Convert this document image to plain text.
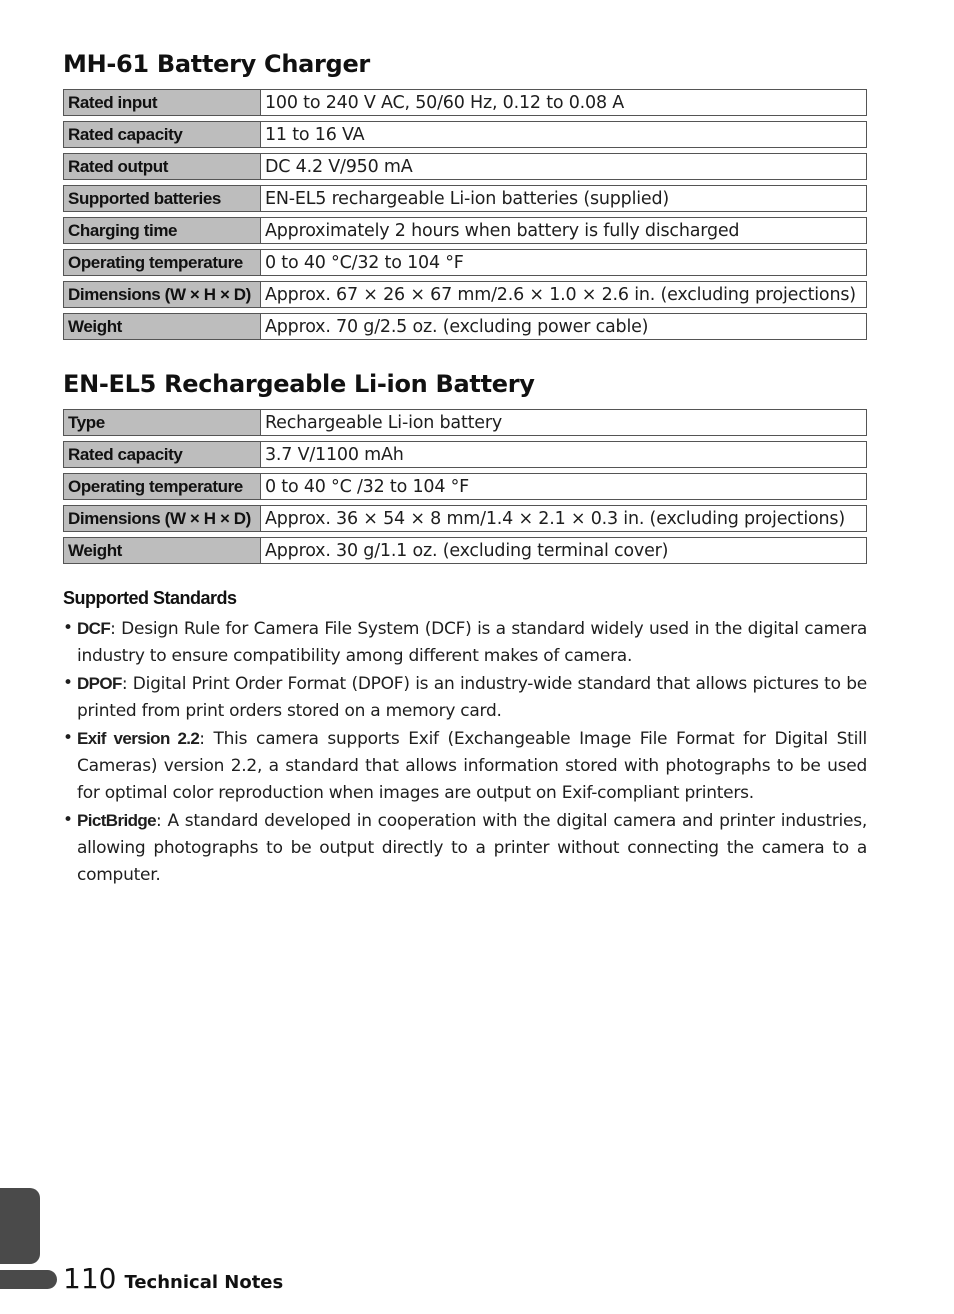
MH-61 Battery Charger
Rated input	100 to 240 V AC, 50/60 Hz, 0.12 to 0.08 A
Rated capacity	11 to 16 VA
Rated output	DC 4.2 V/950 mA
Supported batteries	EN-EL5 rechargeable Li-ion batteries (supplied)
Charging time	Approximately 2 hours when battery is fully discharged
Operating temperature	0 to 40 °C/32 to 104 °F
Dimensions (W × H × D)	Approx. 67 × 26 × 67 mm/2.6 × 1.0 × 2.6 in. (excluding projections)
Weight	Approx. 70 g/2.5 oz. (excluding power cable)
EN-EL5 Rechargeable Li-ion Battery
Type	Rechargeable Li-ion battery
Rated capacity	3.7 V/1100 mAh
Operating temperature	0 to 40 °C /32 to 104 °F
Dimensions (W × H × D)	Approx. 36 × 54 × 8 mm/1.4 × 2.1 × 0.3 in. (excluding projections)
Weight	Approx. 30 g/1.1 oz. (excluding terminal cover)
Supported Standards
• DCF: Design Rule for Camera File System (DCF) is a standard widely used in the digital camera industry to ensure compatibility among different makes of camera.
• DPOF: Digital Print Order Format (DPOF) is an industry-wide standard that allows pictures to be printed from print orders stored on a memory card.
• Exif version 2.2: This camera supports Exif (Exchangeable Image File Format for Digital Still Cameras) version 2.2, a standard that allows information stored with photographs to be used for optimal color reproduction when images are output on Exif-compliant printers.
• PictBridge: A standard developed in cooperation with the digital camera and printer industries, allowing photographs to be output directly to a printer without connecting the camera to a computer.
110 Technical Notes
